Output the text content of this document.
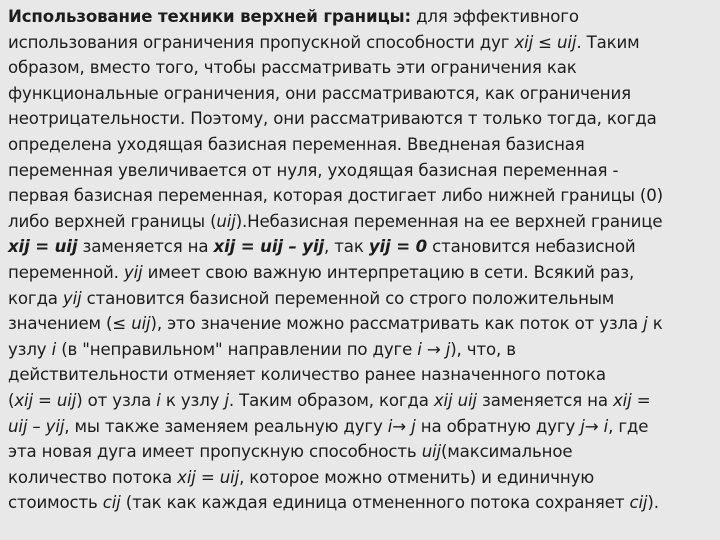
Использование техники верхней границы: для эффективного
использования ограничения пропускной способности дуг xij ≤ uij. Таким
образом, вместо того, чтобы рассматривать эти ограничения как
функциональные ограничения, они рассматриваются, как ограничения
неотрицательности. Поэтому, они рассматриваются т только тогда, когда
определена уходящая базисная переменная. Введненая базисная
переменная увеличивается от нуля, уходящая базисная переменная -
первая базисная переменная, которая достигает либо нижней границы (0)
либо верхней границы (uij).Небазисная переменная на ее верхней границе
xij = uij заменяется на xij = uij – yij, так yij = 0 становится небазисной
переменной. yij имеет свою важную интерпретацию в сети. Всякий раз,
когда yij становится базисной переменной со строго положительным
значением (≤ uij), это значение можно рассматривать как поток от узла j к
узлу i (в "неправильном" направлении по дуге i → j), что, в
действительности отменяет количество ранее назначенного потока
(xij = uij) от узла i к узлу j. Таким образом, когда xij uij заменяется на xij =
uij – yij, мы также заменяем реальную дугу i→ j на обратную дугу j→ i, где
эта новая дуга имеет пропускную способность uij(максимальное
количество потока xij = uij, которое можно отменить) и единичную
стоимость cij (так как каждая единица отмененного потока сохраняет cij).
